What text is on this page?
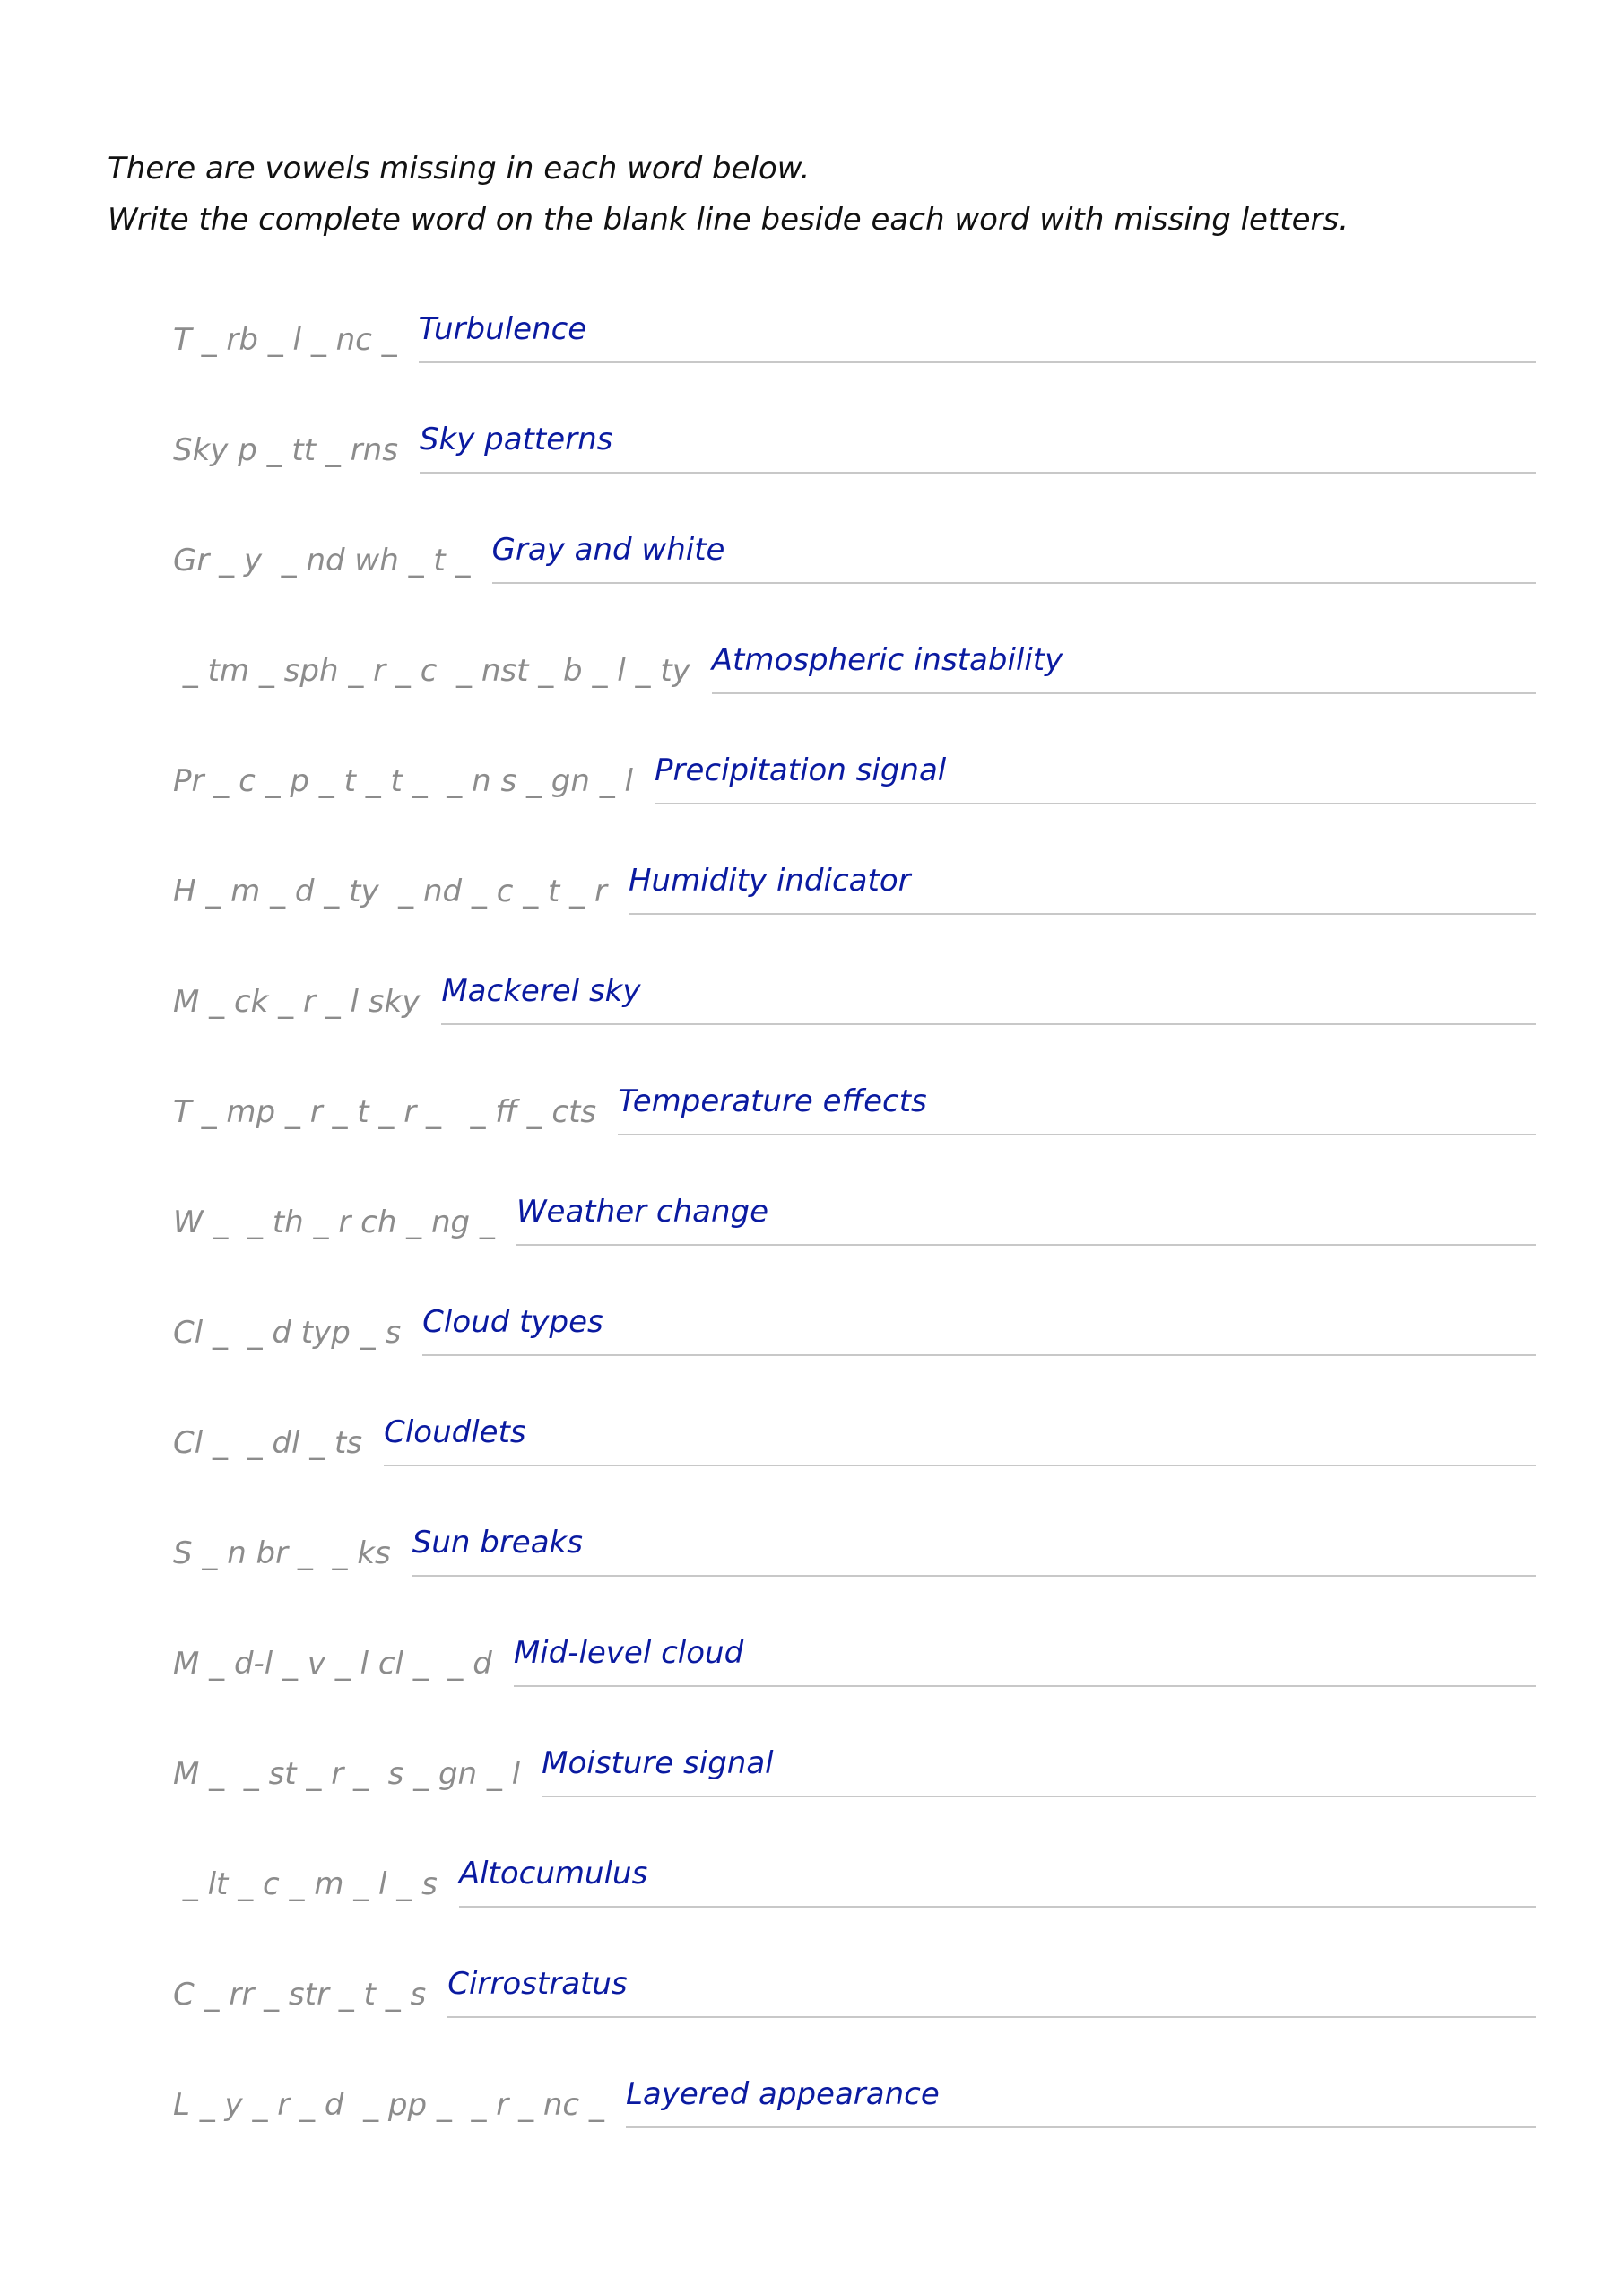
There are vowels missing in each word below.

Write the complete word on the blank line beside each word with missing letters.

T _ rb _ l _ nc _ Turbulence
Sky p _ tt _ rns Sky patterns
Gr _ y  _ nd wh _ t _ Gray and white
_ tm _ sph _ r _ c  _ nst _ b _ l _ ty Atmospheric instability
Pr _ c _ p _ t _ t _  _ n s _ gn _ l Precipitation signal
H _ m _ d _ ty  _ nd _ c _ t _ r Humidity indicator
M _ ck _ r _ l sky Mackerel sky
T _ mp _ r _ t _ r _   _ ff _ cts Temperature effects
W _  _ th _ r ch _ ng _ Weather change
Cl _  _ d typ _ s Cloud types
Cl _  _ dl _ ts Cloudlets
S _ n br _  _ ks Sun breaks
M _ d-l _ v _ l cl _  _ d Mid-level cloud
M _  _ st _ r _  s _ gn _ l Moisture signal
_ lt _ c _ m _ l _ s Altocumulus
C _ rr _ str _ t _ s Cirrostratus
L _ y _ r _ d  _ pp _  _ r _ nc _ Layered appearance
